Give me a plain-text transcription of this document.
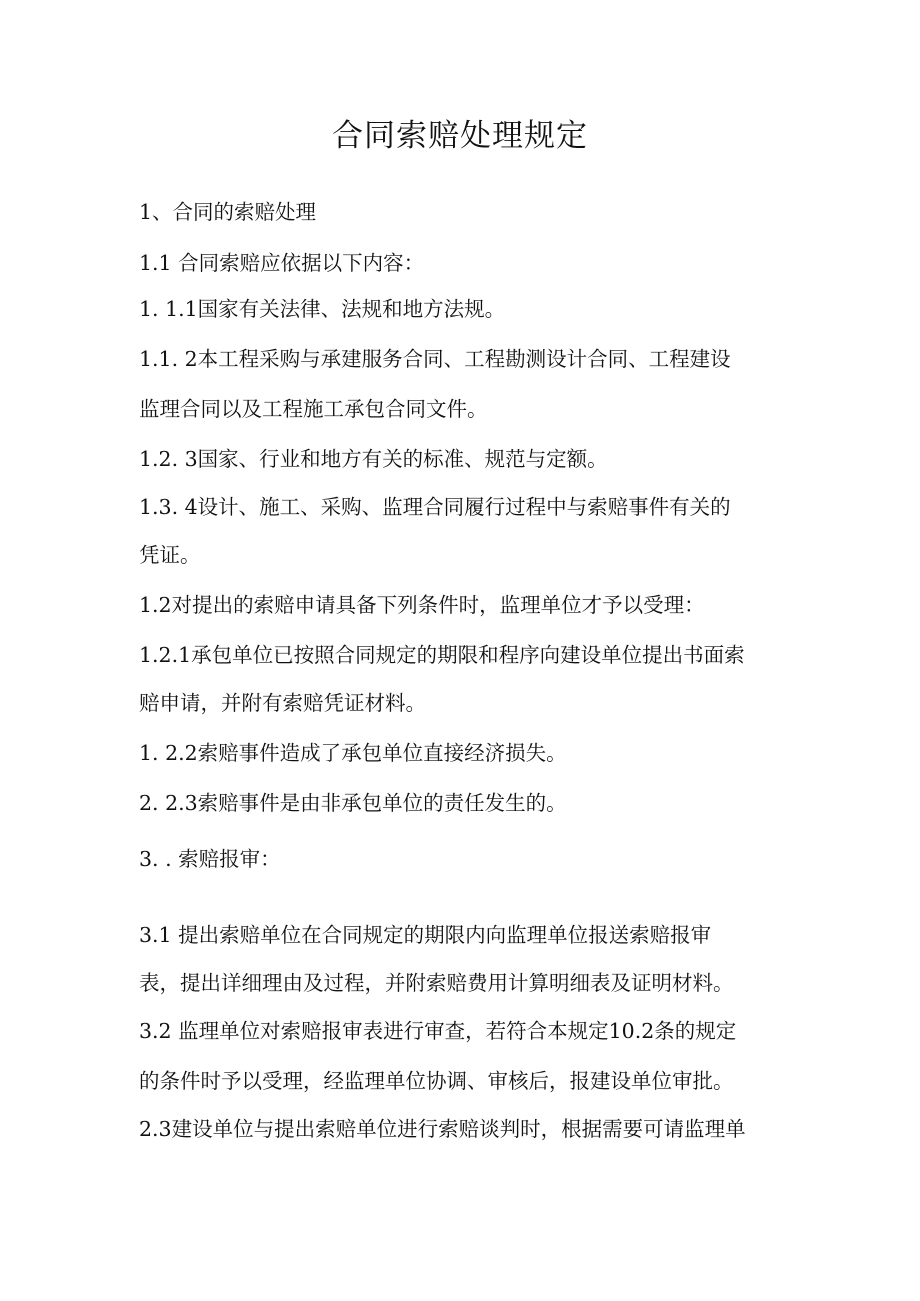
合同索赔处理规定
1、合同的索赔处理
1.1 合同索赔应依据以下内容：
1. 1.1国家有关法律、法规和地方法规。
1.1. 2本工程采购与承建服务合同、工程勘测设计合同、工程建设
监理合同以及工程施工承包合同文件。
1.2. 3国家、行业和地方有关的标准、规范与定额。
1.3. 4设计、施工、采购、监理合同履行过程中与索赔事件有关的
凭证。
1.2对提出的索赔申请具备下列条件时，监理单位才予以受理：
1.2.1承包单位已按照合同规定的期限和程序向建设单位提出书面索
赔申请，并附有索赔凭证材料。
1. 2.2索赔事件造成了承包单位直接经济损失。
2. 2.3索赔事件是由非承包单位的责任发生的。
3. . 索赔报审：
3.1 提出索赔单位在合同规定的期限内向监理单位报送索赔报审
表，提出详细理由及过程，并附索赔费用计算明细表及证明材料。
3.2 监理单位对索赔报审表进行审查，若符合本规定10.2条的规定
的条件时予以受理，经监理单位协调、审核后，报建设单位审批。
2.3建设单位与提出索赔单位进行索赔谈判时，根据需要可请监理单
